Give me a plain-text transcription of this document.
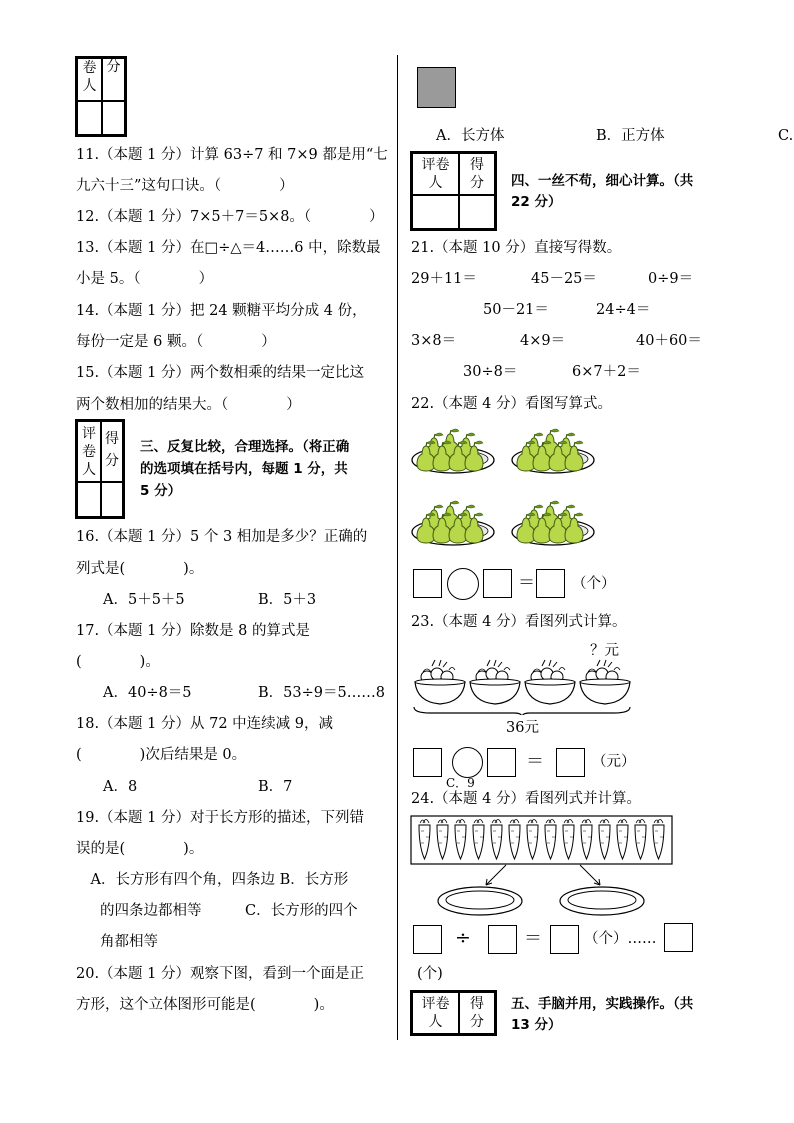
卷人
分
11.（本题 1 分）计算 63÷7 和 7×9 都是用“七
九六十三”这句口诀。（　　　　）
12.（本题 1 分）7×5＋7＝5×8。（　　　　）
13.（本题 1 分）在□÷△＝4……6 中，除数最
小是 5。（　　　　）
14.（本题 1 分）把 24 颗糖平均分成 4 份，
每份一定是 6 颗。（　　　　）
15.（本题 1 分）两个数相乘的结果一定比这
两个数相加的结果大。（　　　　）
评卷人
得分
三、反复比较，合理选择。（将正确
的选项填在括号内，每题 1 分，共
5 分）
16.（本题 1 分）5 个 3 相加是多少？正确的
列式是(　　　　)。
A．5＋5＋5	B．5＋3
17.（本题 1 分）除数是 8 的算式是
(　　　　)。
A．40÷8＝5	B．53÷9＝5……8
18.（本题 1 分）从 72 中连续减 9，减
(　　　　)次后结果是 0。
A．8	B．7
19.（本题 1 分）对于长方形的描述，下列错
误的是(　　　　)。
　A．长方形有四个角，四条边 B．长方形
的四条边都相等　　　C．长方形的四个
角都相等
20.（本题 1 分）观察下图，看到一个面是正
方形，这个立体图形可能是(　　　　)。
A．长方体	B．正方体	C.
评卷人
得分	四、一丝不苟，细心计算。（共
22 分）
21.（本题 10 分）直接写得数。
29＋11＝	45－25＝	0÷9＝
50－21＝	24÷4＝
3×8＝	4×9＝	40＋60＝
30÷8＝	6×7＋2＝
22.（本题 4 分）看图写算式。
＝	（个）
23.（本题 4 分）看图列式计算。
？元
36元
＝	（元）
C．9
24.（本题 4 分）看图列式并计算。
÷	＝	（个）……
(个)
评卷人
得分
五、手脑并用，实践操作。（共
13 分）
